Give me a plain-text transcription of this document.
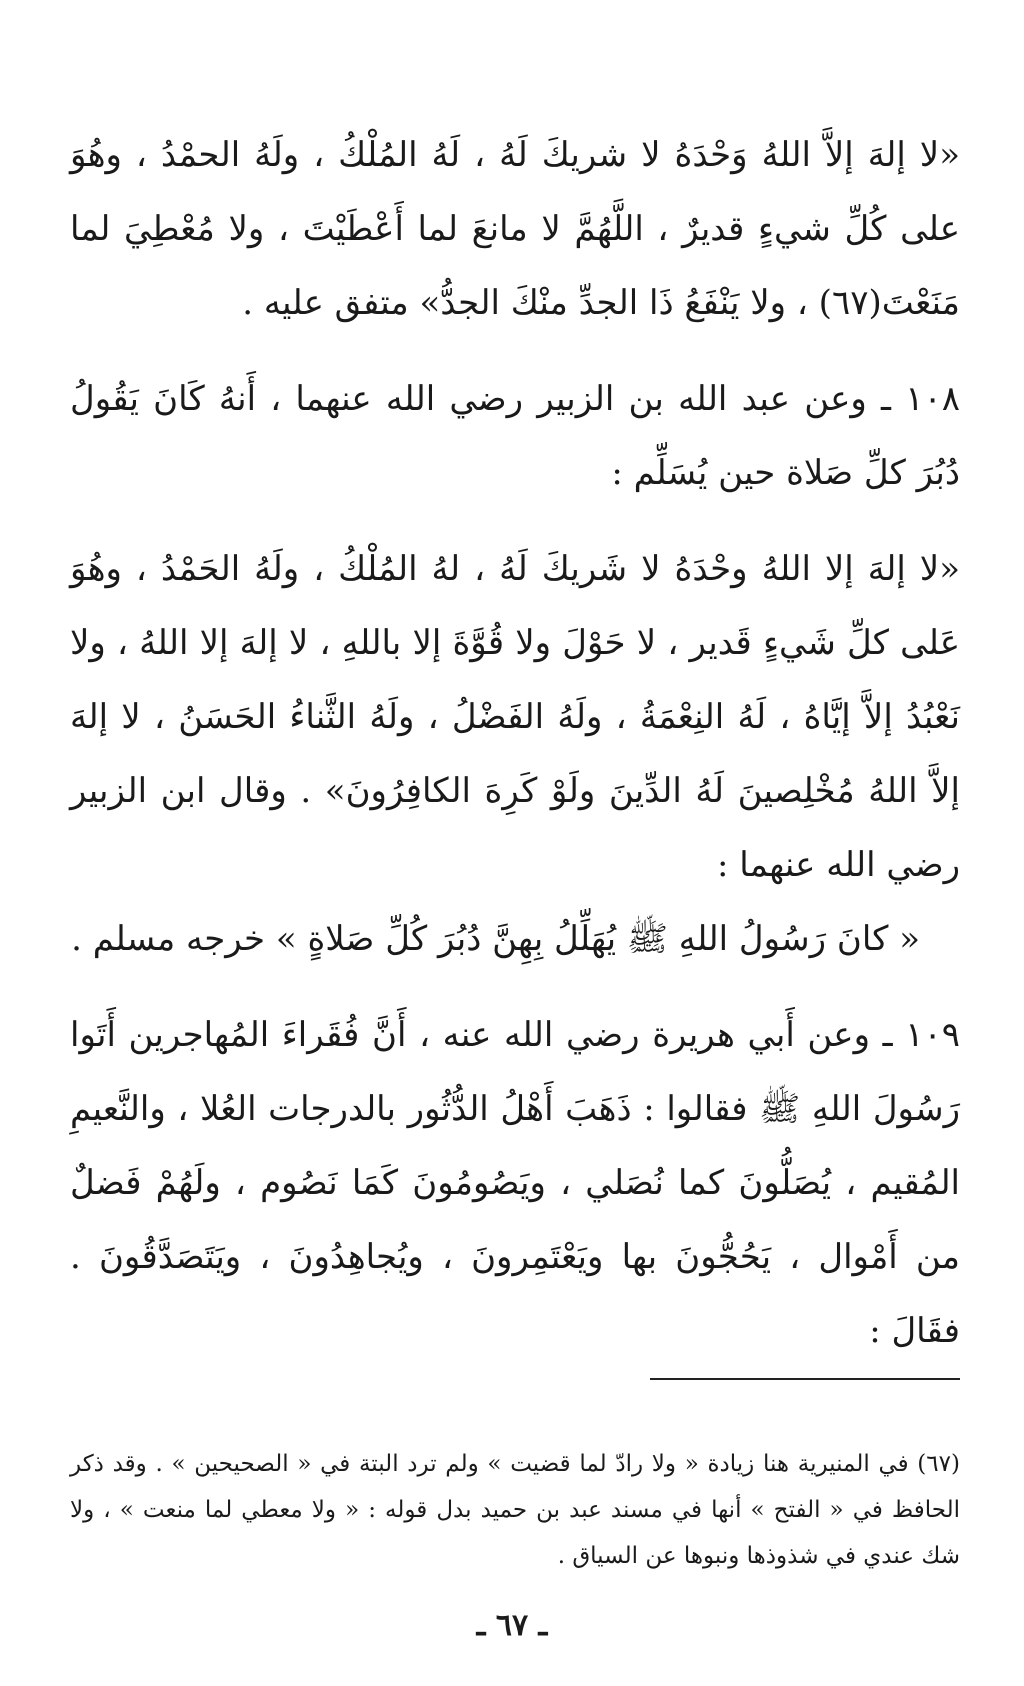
«لا إلهَ إلاَّ اللهُ وَحْدَهُ لا شريكَ لَهُ ، لَهُ المُلْكُ ، ولَهُ الحمْدُ ، وهُوَ على كُلِّ شيءٍ قديرٌ ، اللَّهُمَّ لا مانعَ لما أَعْطَيْتَ ، ولا مُعْطِيَ لما مَنَعْتَ(٦٧) ، ولا يَنْفَعُ ذَا الجدِّ منْكَ الجدُّ» متفق عليه .

١٠٨ ـ وعن عبد الله بن الزبير رضي الله عنهما ، أَنهُ كَانَ يَقُولُ دُبُرَ كلِّ صَلاة حين يُسَلِّم :

«لا إلهَ إلا اللهُ وحْدَهُ لا شَريكَ لَهُ ، لهُ المُلْكُ ، ولَهُ الحَمْدُ ، وهُوَ عَلى كلِّ شَيءٍ قَدير ، لا حَوْلَ ولا قُوَّةَ إلا باللهِ ، لا إلهَ إلا اللهُ ، ولا نَعْبُدُ إلاَّ إيَّاهُ ، لَهُ النِعْمَةُ ، ولَهُ الفَضْلُ ، ولَهُ الثَّناءُ الحَسَنُ ، لا إلهَ إلاَّ اللهُ مُخْلِصينَ لَهُ الدِّينَ ولَوْ كَرِهَ الكافِرُونَ» . وقال ابن الزبير رضي الله عنهما :

« كانَ رَسُولُ اللهِ ﷺ يُهَلِّلُ بِهِنَّ دُبُرَ كُلِّ صَلاةٍ » خرجه مسلم .

١٠٩ ـ وعن أَبي هريرة رضي الله عنه ، أَنَّ فُقَراءَ المُهاجرين أَتَوا رَسُولَ اللهِ ﷺ فقالوا : ذَهَبَ أَهْلُ الدُّثُور بالدرجات العُلا ، والنَّعيمِ المُقيم ، يُصَلُّونَ كما نُصَلي ، ويَصُومُونَ كَمَا نَصُوم ، ولَهُمْ فَضلٌ من أَمْوال ، يَحُجُّونَ بها ويَعْتَمِرونَ ، ويُجاهِدُونَ ، ويَتَصَدَّقُونَ . فقَالَ :

(٦٧) في المنيرية هنا زيادة « ولا رادّ لما قضيت » ولم ترد البتة في « الصحيحين » . وقد ذكر الحافظ في « الفتح » أنها في مسند عبد بن حميد بدل قوله : « ولا معطي لما منعت » ، ولا شك عندي في شذوذها ونبوها عن السياق .

ـ ٦٧ ـ
